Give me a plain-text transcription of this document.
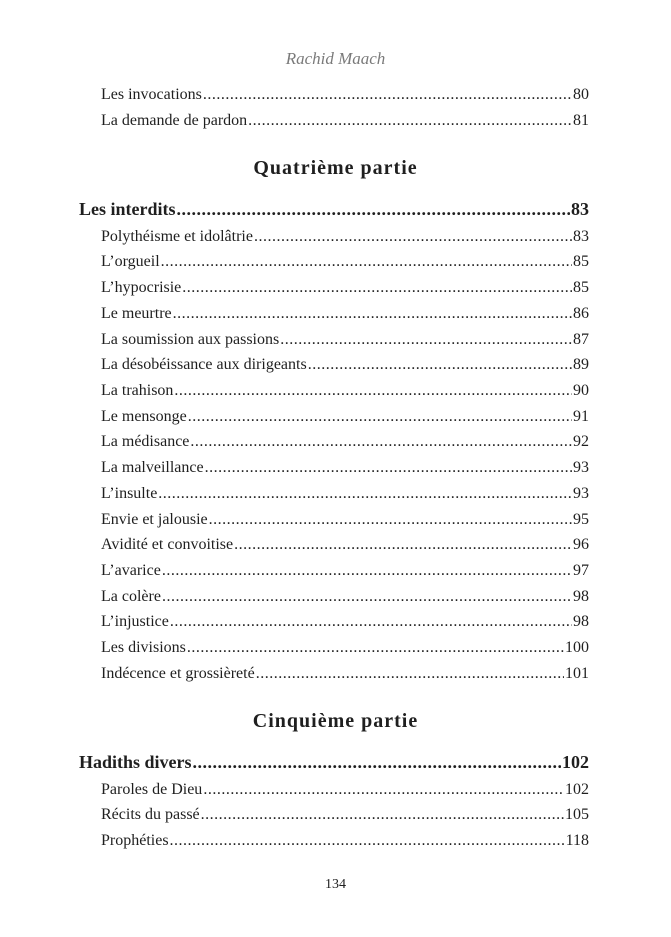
Rachid Maach
Les invocations .....	80
La demande de pardon .....	81
Quatrième partie
Les interdits .....	83
Polythéisme et idolâtrie .....	83
L’orgueil .....	85
L’hypocrisie .....	85
Le meurtre .....	86
La soumission aux passions .....	87
La désobéissance aux dirigeants .....	89
La trahison .....	90
Le mensonge .....	91
La médisance .....	92
La malveillance .....	93
L’insulte .....	93
Envie et jalousie .....	95
Avidité et convoitise .....	96
L’avarice .....	97
La colère .....	98
L’injustice .....	98
Les divisions .....	100
Indécence et grossièreté .....	101
Cinquième partie
Hadiths divers .....	102
Paroles de Dieu .....	102
Récits du passé .....	105
Prophéties .....	118
134
